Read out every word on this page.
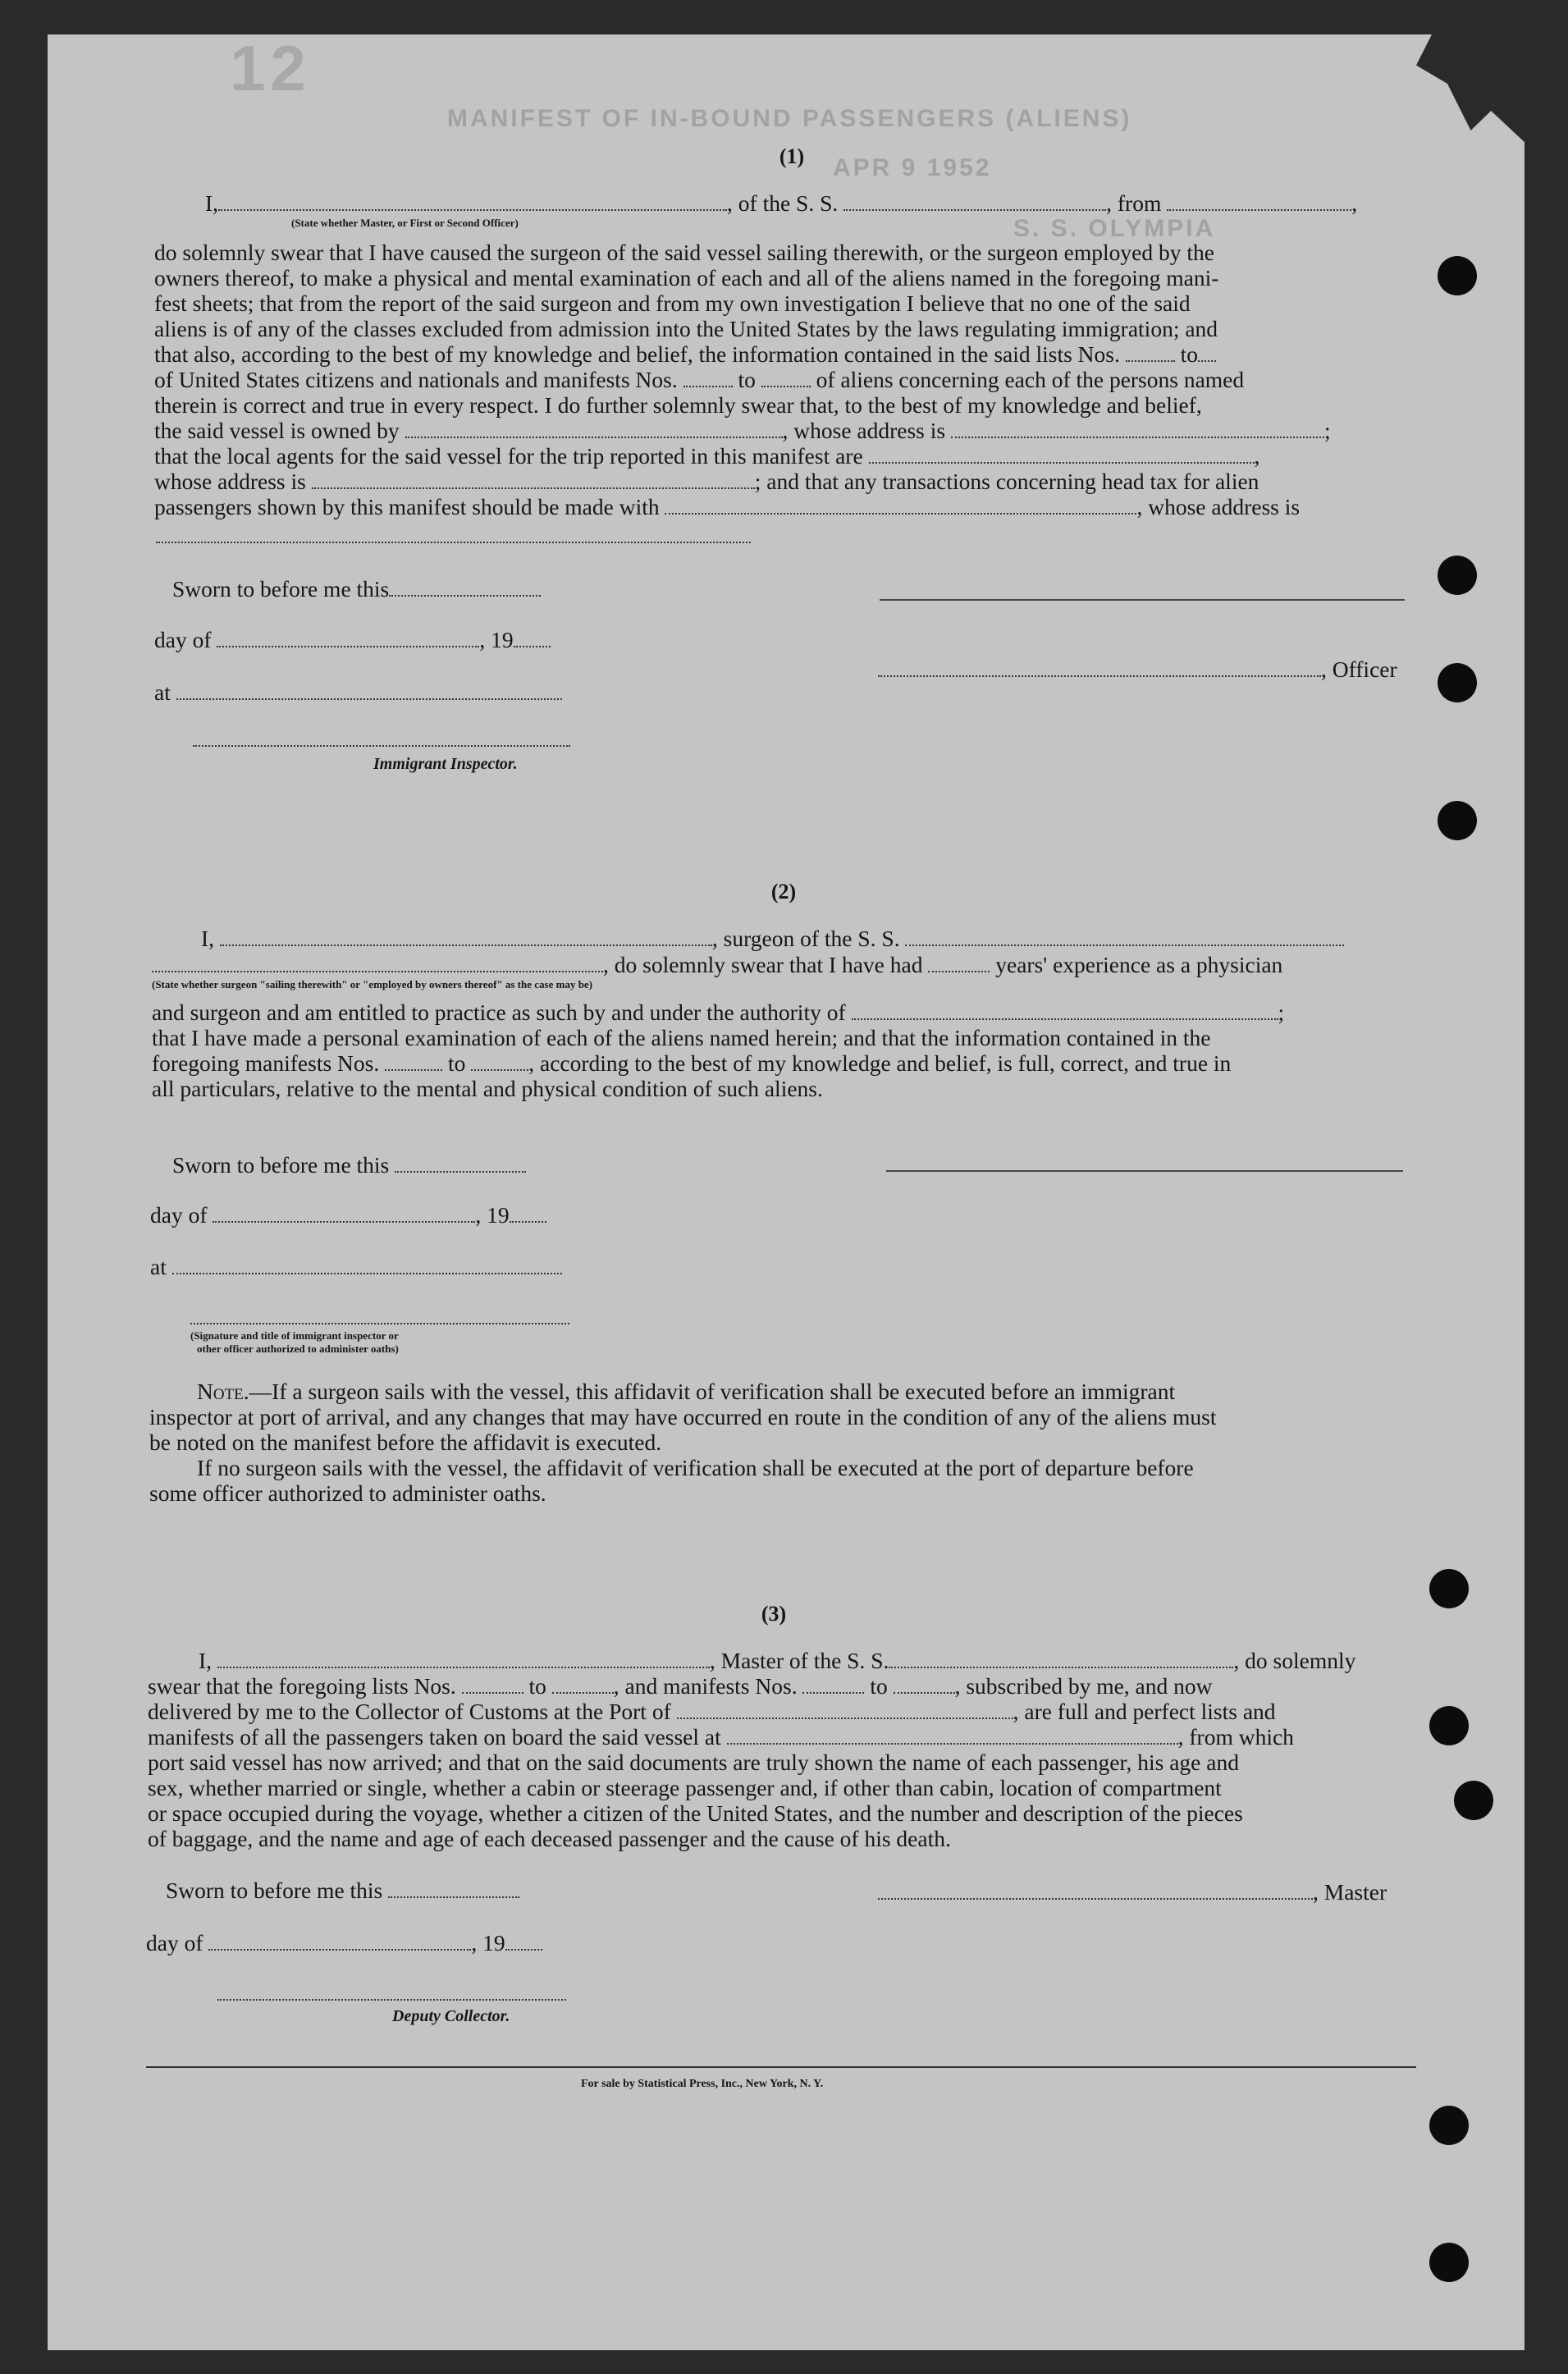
12
MANIFEST OF IN-BOUND PASSENGERS (ALIENS)
APR 9 1952
S. S. OLYMPIA
(1)
I,	, of the S. S.	, from	,
(State whether Master, or First or Second Officer)
do solemnly swear that I have caused the surgeon of the said vessel sailing therewith, or the surgeon employed by the
owners thereof, to make a physical and mental examination of each and all of the aliens named in the foregoing mani-
fest sheets; that from the report of the said surgeon and from my own investigation I believe that no one of the said
aliens is of any of the classes excluded from admission into the United States by the laws regulating immigration; and
that also, according to the best of my knowledge and belief, the information contained in the said lists Nos.	to
of United States citizens and nationals and manifests Nos.	to	of aliens concerning each of the persons named
therein is correct and true in every respect. I do further solemnly swear that, to the best of my knowledge and belief,
the said vessel is owned by	, whose address is	;
that the local agents for the said vessel for the trip reported in this manifest are	,
whose address is	; and that any transactions concerning head tax for alien
passengers shown by this manifest should be made with	, whose address is
Sworn to before me this
day of	, 19
at
Immigrant Inspector.
, Officer
(2)
I,	, surgeon of the S. S.
, do solemnly swear that I have had	years' experience as a physician
(State whether surgeon "sailing therewith" or "employed by owners thereof" as the case may be)
and surgeon and am entitled to practice as such by and under the authority of	;
that I have made a personal examination of each of the aliens named herein; and that the information contained in the
foregoing manifests Nos.	to	, according to the best of my knowledge and belief, is full, correct, and true in
all particulars, relative to the mental and physical condition of such aliens.
Sworn to before me this
day of	, 19
at
(Signature and title of immigrant inspector or
other officer authorized to administer oaths)
Note.—If a surgeon sails with the vessel, this affidavit of verification shall be executed before an immigrant
inspector at port of arrival, and any changes that may have occurred en route in the condition of any of the aliens must
be noted on the manifest before the affidavit is executed.
If no surgeon sails with the vessel, the affidavit of verification shall be executed at the port of departure before
some officer authorized to administer oaths.
(3)
I,	, Master of the S. S.	, do solemnly
swear that the foregoing lists Nos.	to	, and manifests Nos.	to	, subscribed by me, and now
delivered by me to the Collector of Customs at the Port of	, are full and perfect lists and
manifests of all the passengers taken on board the said vessel at	, from which
port said vessel has now arrived; and that on the said documents are truly shown the name of each passenger, his age and
sex, whether married or single, whether a cabin or steerage passenger and, if other than cabin, location of compartment
or space occupied during the voyage, whether a citizen of the United States, and the number and description of the pieces
of baggage, and the name and age of each deceased passenger and the cause of his death.
Sworn to before me this	, Master
day of	, 19
Deputy Collector.
For sale by Statistical Press, Inc., New York, N. Y.
